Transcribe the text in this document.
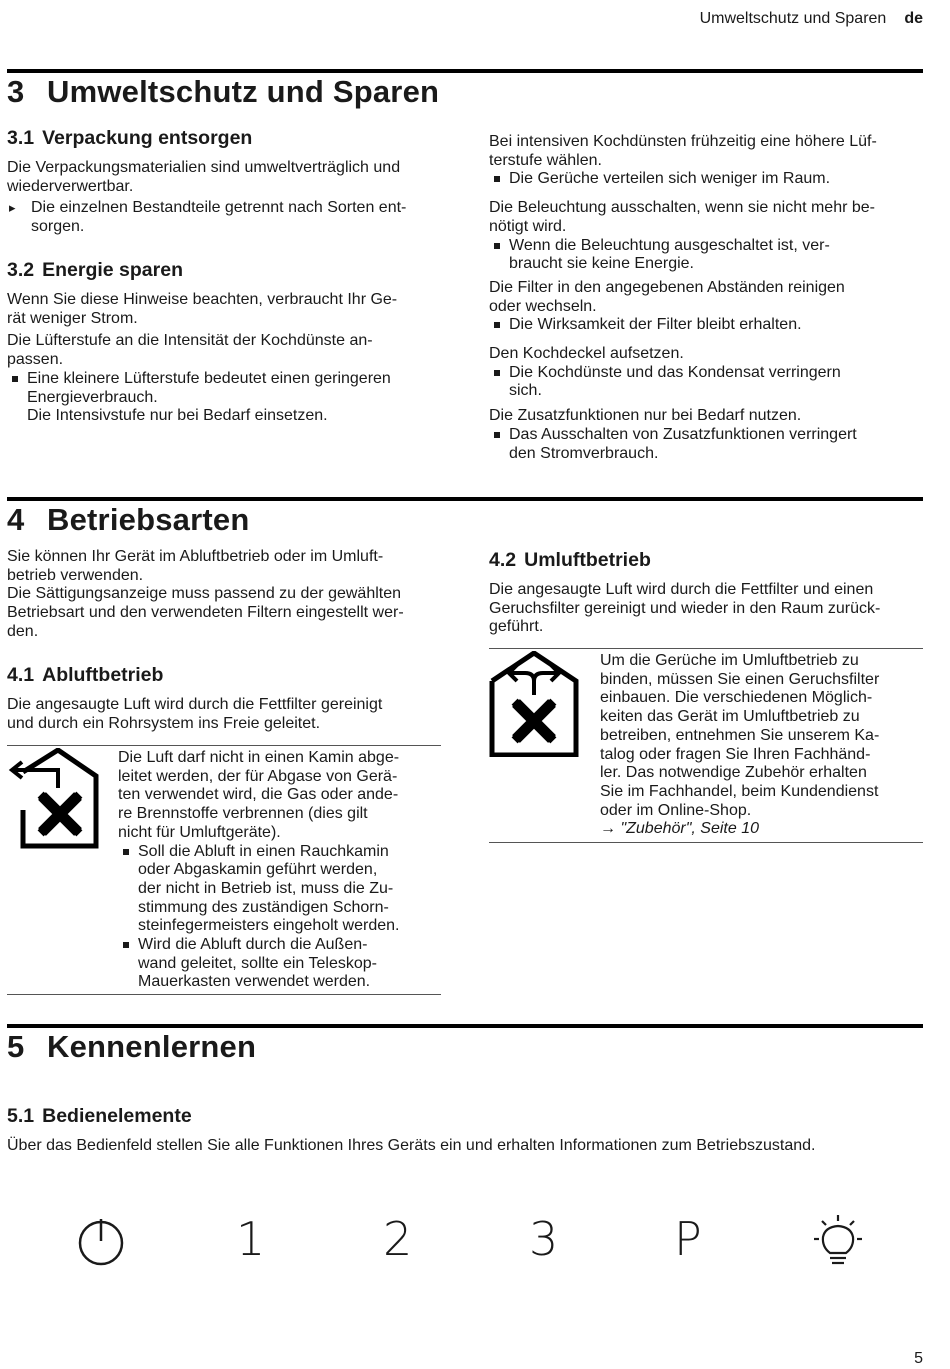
Umweltschutz und Sparen de
3 Umweltschutz und Sparen
3.1 Verpackung entsorgen

Die Verpackungsmaterialien sind umweltverträglich und

wiederverwertbar.

▸ Die einzelnen Bestandteile getrennt nach Sorten ent-

sorgen.

3.2 Energie sparen

Wenn Sie diese Hinweise beachten, verbraucht Ihr Ge-

rät weniger Strom.

Die Lüfterstufe an die Intensität der Kochdünste an-

passen.

Eine kleinere Lüfterstufe bedeutet einen geringeren

Energieverbrauch.

Die Intensivstufe nur bei Bedarf einsetzen.

Bei intensiven Kochdünsten frühzeitig eine höhere Lüf-

terstufe wählen.

Die Gerüche verteilen sich weniger im Raum.

Die Beleuchtung ausschalten, wenn sie nicht mehr be-

nötigt wird.

Wenn die Beleuchtung ausgeschaltet ist, ver-

braucht sie keine Energie.

Die Filter in den angegebenen Abständen reinigen

oder wechseln.

Die Wirksamkeit der Filter bleibt erhalten.

Den Kochdeckel aufsetzen.

Die Kochdünste und das Kondensat verringern

sich.

Die Zusatzfunktionen nur bei Bedarf nutzen.

Das Ausschalten von Zusatzfunktionen verringert

den Stromverbrauch.

4 Betriebsarten

Sie können Ihr Gerät im Abluftbetrieb oder im Umluft-

betrieb verwenden.

Die Sättigungsanzeige muss passend zu der gewählten

Betriebsart und den verwendeten Filtern eingestellt wer-

den.

4.1 Abluftbetrieb

Die angesaugte Luft wird durch die Fettfilter gereinigt

und durch ein Rohrsystem ins Freie geleitet.

Die Luft darf nicht in einen Kamin abge-

leitet werden, der für Abgase von Gerä-

ten verwendet wird, die Gas oder ande-

re Brennstoffe verbrennen (dies gilt

nicht für Umluftgeräte).

Soll die Abluft in einen Rauchkamin

oder Abgaskamin geführt werden,

der nicht in Betrieb ist, muss die Zu-

stimmung des zuständigen Schorn-

steinfegermeisters eingeholt werden.

Wird die Abluft durch die Außen-

wand geleitet, sollte ein Teleskop-

Mauerkasten verwendet werden.

4.2 Umluftbetrieb

Die angesaugte Luft wird durch die Fettfilter und einen

Geruchsfilter gereinigt und wieder in den Raum zurück-

geführt.

Um die Gerüche im Umluftbetrieb zu

binden, müssen Sie einen Geruchsfilter

einbauen. Die verschiedenen Möglich-

keiten das Gerät im Umluftbetrieb zu

betreiben, entnehmen Sie unserem Ka-

talog oder fragen Sie Ihren Fachhänd-

ler. Das notwendige Zubehör erhalten

Sie im Fachhandel, beim Kundendienst

oder im Online-Shop.

→ "Zubehör", Seite 10

5 Kennenlernen
5.1 Bedienelemente

Über das Bedienfeld stellen Sie alle Funktionen Ihres Geräts ein und erhalten Informationen zum Betriebszustand.

1	2	3	P
5
